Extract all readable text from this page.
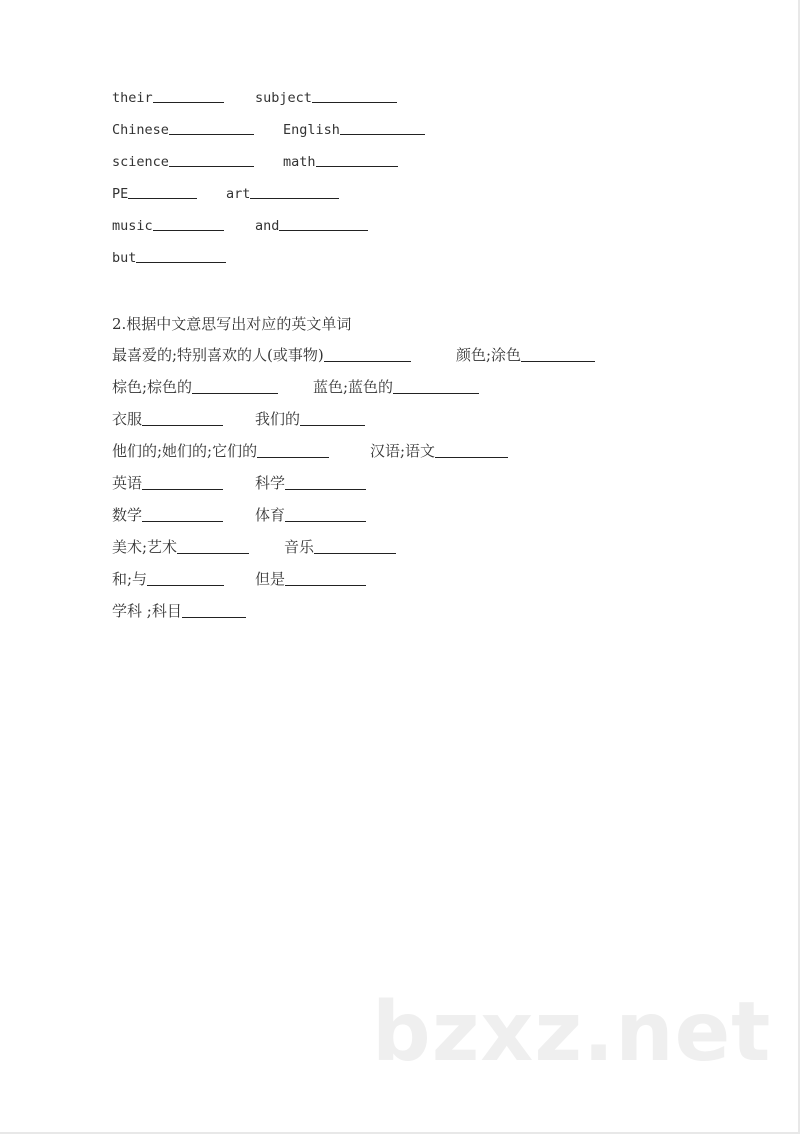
their	subject
Chinese	English
science	math
PE	art
music	and
but
2.根据中文意思写出对应的英文单词
最喜爱的;特别喜欢的人(或事物)	颜色;涂色
棕色;棕色的	蓝色;蓝色的
衣服	我们的
他们的;她们的;它们的	汉语;语文
英语	科学
数学	体育
美术;艺术	音乐
和;与	但是
学科 ;科目
bzxz.net
